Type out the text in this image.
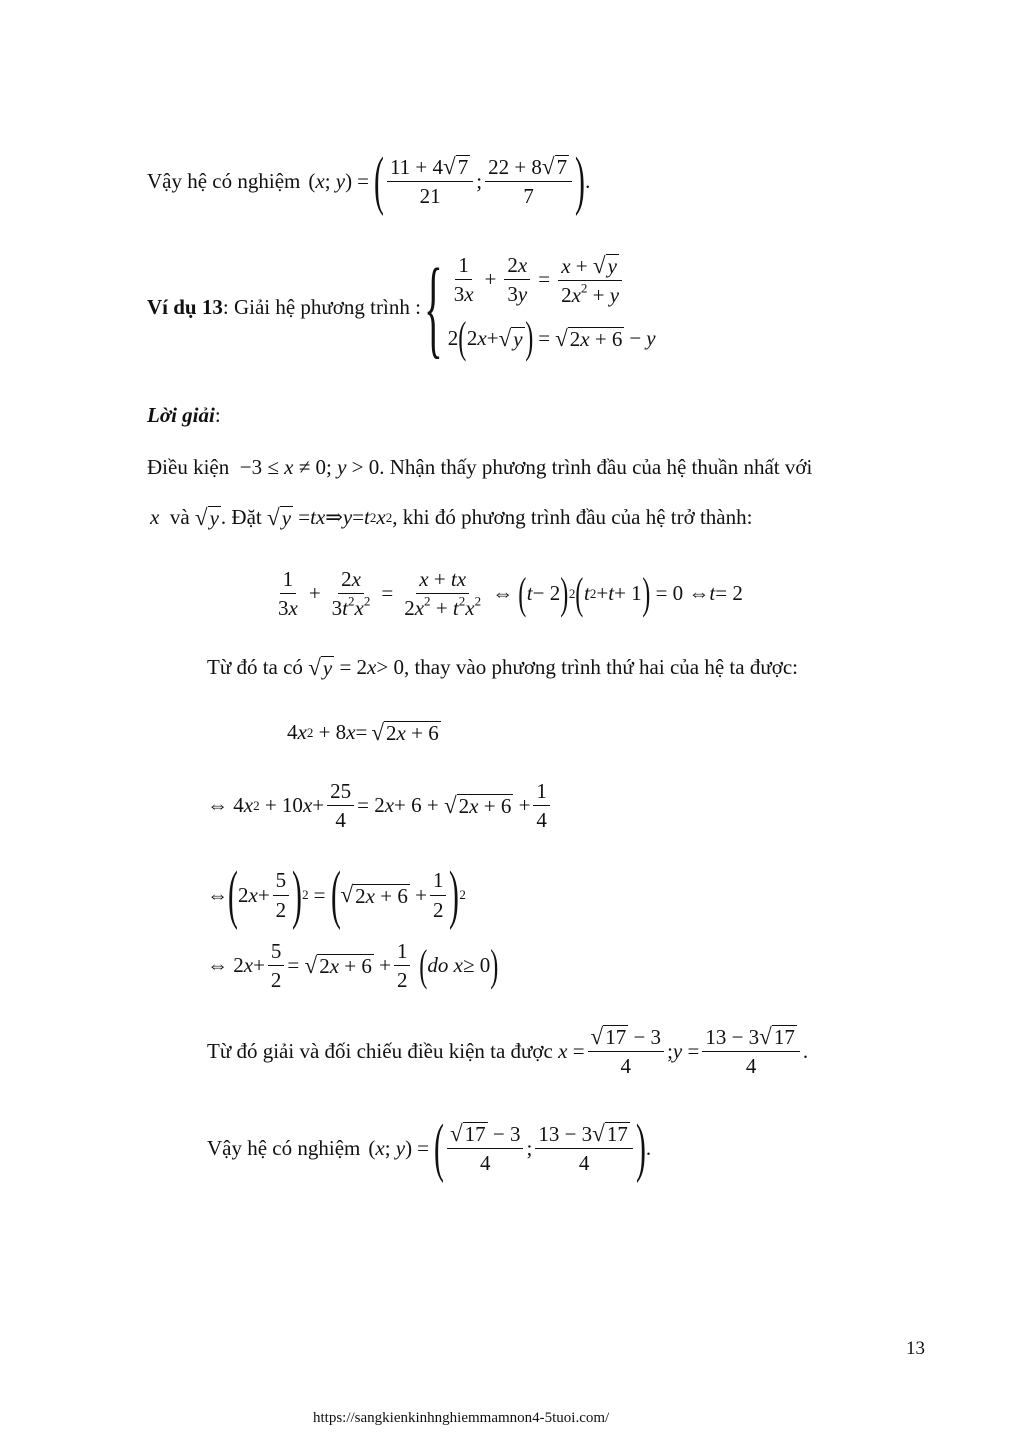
Vậy hệ có nghiệm ( x ; y ) = ( $\frac{11 + 4 √ 7}{21}$ ; $\frac{22 + 8 √ 7}{7}$ ) .
Ví dụ 13 : Giải hệ phương trình : { $\frac{1}{3x} + \frac{2x}{3y} = \frac{x + √ y}{2x^2 + y}$
2 ( 2 x + √ y ) = √ 2x + 6 − y
Lời giải:
Điều kiện  −3 ≤ x ≠ 0; y > 0. Nhận thấy phương trình đầu của hệ thuần nhất với
x
và
√ y . Đặt
√ y = tx ⇒ y = t 2 x 2 , khi đó phương trình đầu của hệ trở thành:
$\frac{1}{3x} + \frac{2x}{3t^2x^2} = \frac{x + tx}{2x^2 + t^2x^2}$ ⇔ ( t − 2 ) 2 ( t 2 + t + 1 ) = 0 ⇔ t = 2
Từ đó ta có
√ y = 2 x > 0 , thay vào phương trình thứ hai của hệ ta được:
4 x 2 + 8 x = √ 2x + 6
⇔ 4 x 2 + 10 $x + \frac{25}{4} = 2$ x + 6 + √ $2x + 6 + \frac{1}{4}$
⇔ ( 2 $x + \frac{5}{2}$ ) 2 = ( √ $2x + 6 + \frac{1}{2}$ ) 2
⇔ 2 $x + \frac{5}{2}$ = √ $2x + 6 + \frac{1}{2}$
( do
x ≥ 0 )
Từ đó giải và đối chiếu điều kiện ta được
$x = \frac{√ 17 - 3}{4}$ ; $y = \frac{13 - 3 √ 17}{4}$ .
Vậy hệ có nghiệm ( x ; y ) = ( $\frac{√ 17 - 3}{4}$ ; $\frac{13 - 3 √ 17}{4}$ ) .
13
https://sangkienkinhnghiemmamnon4-5tuoi.com/
